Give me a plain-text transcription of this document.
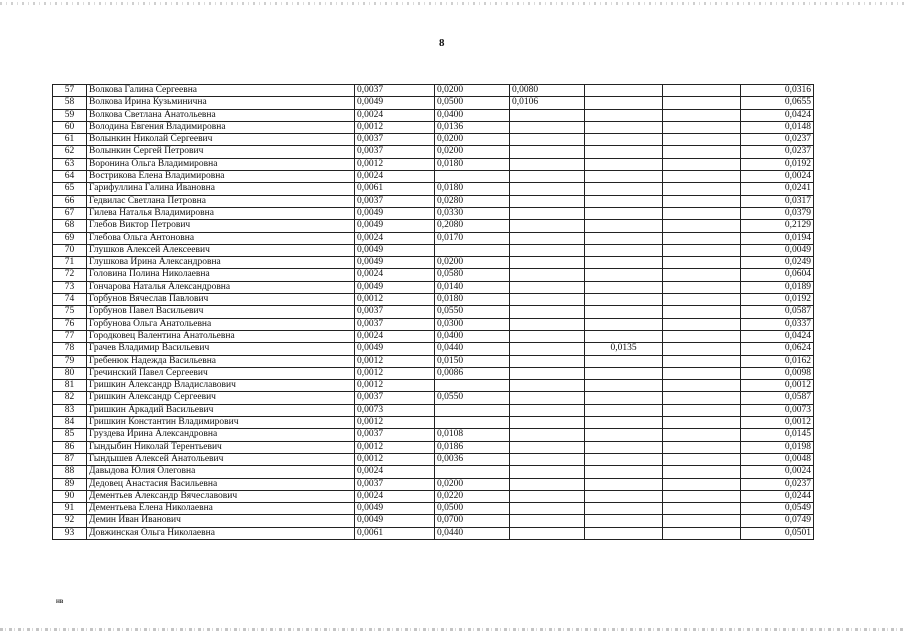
8
57	Волкова Галина Сергеевна	0,0037	0,0200	0,0080			0,0316
58	Волкова Ирина Кузьминична	0,0049	0,0500	0,0106			0,0655
59	Волкова Светлана Анатольевна	0,0024	0,0400				0,0424
60	Володина Евгения Владимировна	0,0012	0,0136				0,0148
61	Волынкин Николай Сергеевич	0,0037	0,0200				0,0237
62	Волынкин Сергей Петрович	0,0037	0,0200				0,0237
63	Воронина Ольга Владимировна	0,0012	0,0180				0,0192
64	Вострикова Елена Владимировна	0,0024					0,0024
65	Гарифуллина Галина Ивановна	0,0061	0,0180				0,0241
66	Гедвилас Светлана Петровна	0,0037	0,0280				0,0317
67	Гилева Наталья Владимировна	0,0049	0,0330				0,0379
68	Глебов Виктор Петрович	0,0049	0,2080				0,2129
69	Глебова Ольга Антоновна	0,0024	0,0170				0,0194
70	Глушков Алексей Алексеевич	0,0049					0,0049
71	Глушкова Ирина Александровна	0,0049	0,0200				0,0249
72	Головина Полина Николаевна	0,0024	0,0580				0,0604
73	Гончарова Наталья Александровна	0,0049	0,0140				0,0189
74	Горбунов Вячеслав Павлович	0,0012	0,0180				0,0192
75	Горбунов Павел Васильевич	0,0037	0,0550				0,0587
76	Горбунова Ольга Анатольевна	0,0037	0,0300				0,0337
77	Городковец Валентина Анатольевна	0,0024	0,0400				0,0424
78	Грачев Владимир Васильевич	0,0049	0,0440		0,0135		0,0624
79	Гребенюк Надежда Васильевна	0,0012	0,0150				0,0162
80	Гречинский Павел Сергеевич	0,0012	0,0086				0,0098
81	Гришкин Александр Владиславович	0,0012					0,0012
82	Гришкин Александр Сергеевич	0,0037	0,0550				0,0587
83	Гришкин Аркадий Васильевич	0,0073					0,0073
84	Гришкин Константин Владимирович	0,0012					0,0012
85	Груздева Ирина Александровна	0,0037	0,0108				0,0145
86	Гындыбин Николай Терентьевич	0,0012	0,0186				0,0198
87	Гындышев Алексей Анатольевич	0,0012	0,0036				0,0048
88	Давыдова Юлия Олеговна	0,0024					0,0024
89	Дедовец Анастасия Васильевна	0,0037	0,0200				0,0237
90	Дементьев Александр Вячеславович	0,0024	0,0220				0,0244
91	Дементьева Елена Николаевна	0,0049	0,0500				0,0549
92	Демин Иван Иванович	0,0049	0,0700				0,0749
93	Довжинская Ольга Николаевна	0,0061	0,0440				0,0501
НВ
